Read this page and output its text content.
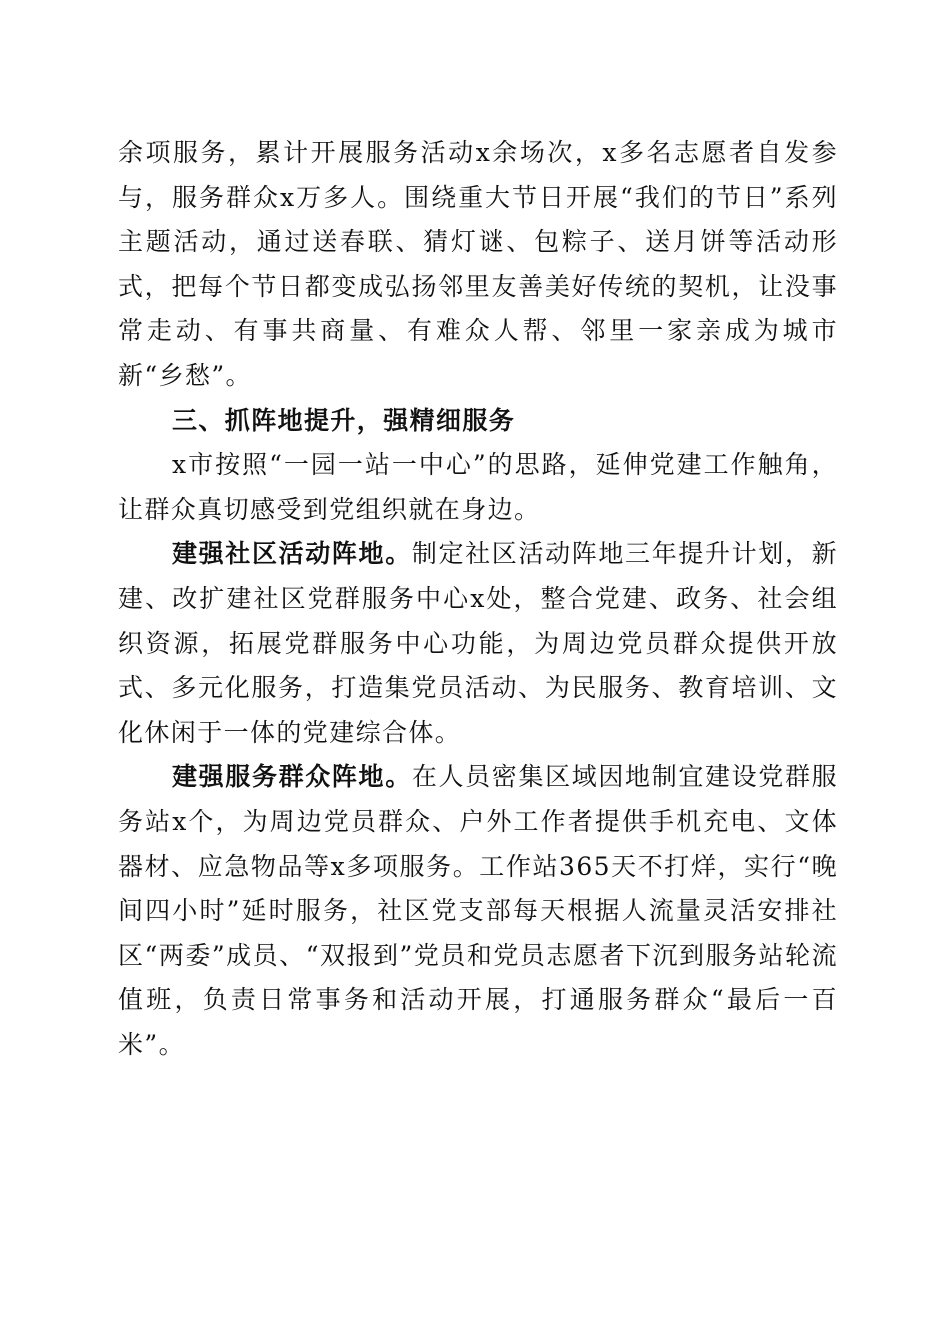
余项服务，累计开展服务活动x余场次，x多名志愿者自发参与，服务群众x万多人。围绕重大节日开展“我们的节日”系列主题活动，通过送春联、猜灯谜、包粽子、送月饼等活动形式，把每个节日都变成弘扬邻里友善美好传统的契机，让没事常走动、有事共商量、有难众人帮、邻里一家亲成为城市新“乡愁”。

三、抓阵地提升，强精细服务

x市按照“一园一站一中心”的思路，延伸党建工作触角，让群众真切感受到党组织就在身边。

建强社区活动阵地。制定社区活动阵地三年提升计划，新建、改扩建社区党群服务中心x处，整合党建、政务、社会组织资源，拓展党群服务中心功能，为周边党员群众提供开放式、多元化服务，打造集党员活动、为民服务、教育培训、文化休闲于一体的党建综合体。

建强服务群众阵地。在人员密集区域因地制宜建设党群服务站x个，为周边党员群众、户外工作者提供手机充电、文体器材、应急物品等x多项服务。工作站365天不打烊，实行“晚间四小时”延时服务，社区党支部每天根据人流量灵活安排社区“两委”成员、“双报到”党员和党员志愿者下沉到服务站轮流值班，负责日常事务和活动开展，打通服务群众“最后一百米”。
